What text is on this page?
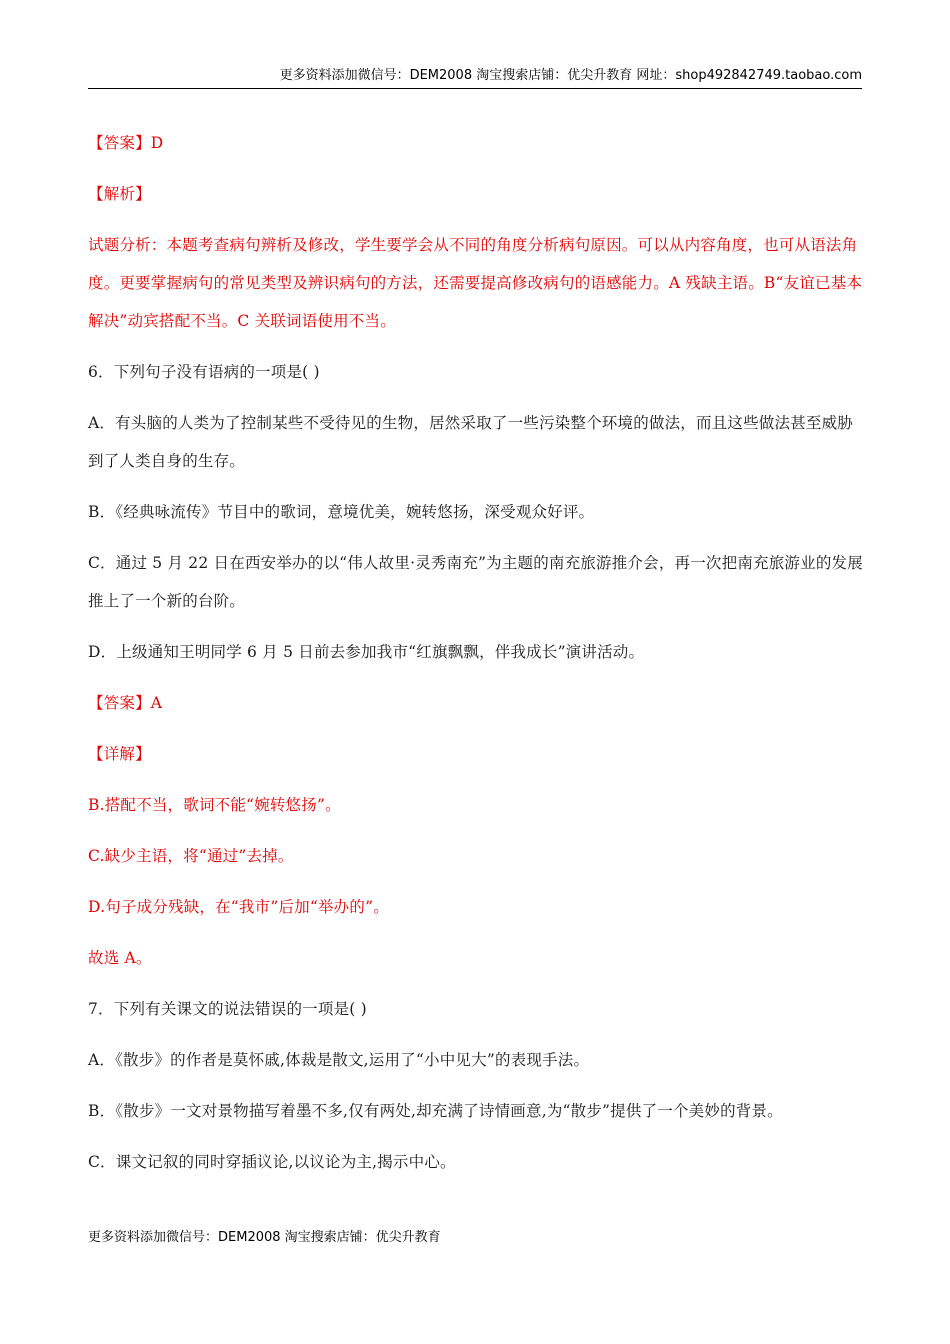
更多资料添加微信号：DEM2008 淘宝搜索店铺：优尖升教育 网址：shop492842749.taobao.com
【答案】D
【解析】
试题分析：本题考查病句辨析及修改，学生要学会从不同的角度分析病句原因。可以从内容角度，也可从语法角度。更要掌握病句的常见类型及辨识病句的方法，还需要提高修改病句的语感能力。A 残缺主语。B“友谊已基本解决”动宾搭配不当。C 关联词语使用不当。
6．下列句子没有语病的一项是( )
A．有头脑的人类为了控制某些不受待见的生物，居然采取了一些污染整个环境的做法，而且这些做法甚至威胁到了人类自身的生存。
B．《经典咏流传》节目中的歌词，意境优美，婉转悠扬，深受观众好评。
C．通过 5 月 22 日在西安举办的以“伟人故里·灵秀南充”为主题的南充旅游推介会，再一次把南充旅游业的发展推上了一个新的台阶。
D．上级通知王明同学 6 月 5 日前去参加我市“红旗飘飘，伴我成长”演讲活动。
【答案】A
【详解】
B.搭配不当，歌词不能“婉转悠扬”。
C.缺少主语，将“通过”去掉。
D.句子成分残缺，在“我市”后加“举办的”。
故选 A。
7．下列有关课文的说法错误的一项是( )
A．《散步》的作者是莫怀戚,体裁是散文,运用了“小中见大”的表现手法。
B．《散步》一文对景物描写着墨不多,仅有两处,却充满了诗情画意,为“散步”提供了一个美妙的背景。
C．课文记叙的同时穿插议论,以议论为主,揭示中心。
更多资料添加微信号：DEM2008 淘宝搜索店铺：优尖升教育
